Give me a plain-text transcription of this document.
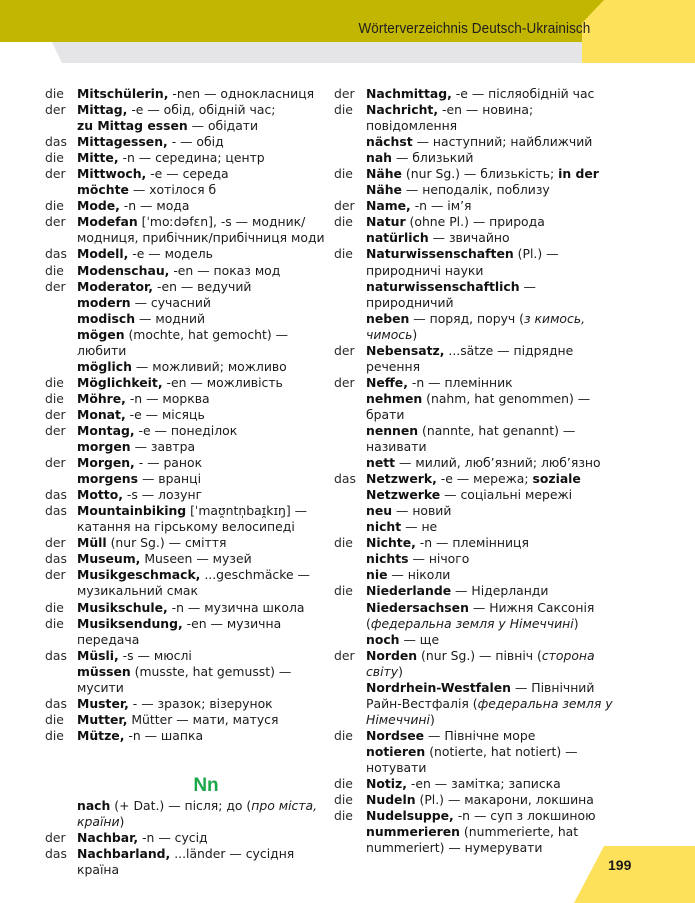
Wörterverzeichnis Deutsch-Ukrainisch
die	Mitschülerin, -nen — однокласниця
der Mittag, -e — обід, обідній час;
zu Mittag essen — обідати
das Mittagessen, - — обід
die	Mitte, -n — середина; центр
der Mittwoch, -e — середа
möchte — хотілося б
die	Mode, -n — мода
der Modefan [ˈmoːdəfɛn], -s — модник/ модниця, прибічник/прибічниця моди
das Modell, -e — модель
die	Modenschau, -en — показ мод
der Moderator, -en — ведучий
modern — сучасний
modisch — модний
mögen (mochte, hat gemocht) — любити
möglich — можливий; можливо
die	Möglichkeit, -en — можливість
die	Möhre, -n — морква
der Monat, -e — місяць
der Montag, -e — понеділок
morgen — завтра
der Morgen, - — ранок
morgens — вранці
das Motto, -s — лозунг
das Mountainbiking [ˈmaʊ̯ntn̩baɪ̯kɪŋ] — катання на гірському велосипеді
der Müll (nur Sg.) — сміття
das Museum, Museen — музей
der Musikgeschmack, ...geschmäcke — музикальний смак
die	Musikschule, -n — музична школа
die	Musiksendung, -en — музична передача
das Müsli, -s — мюслі
müssen (musste, hat gemusst) — мусити
das Muster, - — зразок; візерунок
die	Mutter, Mütter — мати, матуся
die	Mütze, -n — шапка
Nn
nach (+ Dat.) — після; до (про міста, країни)
der Nachbar, -n — сусід
das Nachbarland, ...länder — сусідня країна
der Nachmittag, -e — післяобідній час
die	Nachricht, -en — новина; повідомлення
nächst — наступний; найближчий
nah — близький
die	Nähe (nur Sg.) — близькість; in der Nähe — неподалік, поблизу
der Name, -n — ім’я
die	Natur (ohne Pl.) — природа
natürlich — звичайно
die	Naturwissenschaften (Pl.) — природничі науки
naturwissenschaftlich — природничий
neben — поряд, поруч (з кимось, чимось)
der Nebensatz, ...sätze — підрядне речення
der Neffe, -n — племінник
nehmen (nahm, hat genommen) — брати
nennen (nannte, hat genannt) — називати
nett — милий, люб’язний; люб’язно
das Netzwerk, -e — мережа; soziale Netzwerke — соціальні мережі
neu — новий
nicht — не
die	Nichte, -n — племінниця
nichts — нічого
nie — ніколи
die	Niederlande — Нідерланди
Niedersachsen — Нижня Саксонія (федеральна земля у Німеччині)
noch — ще
der Norden (nur Sg.) — північ (сторона світу)
Nordrhein-Westfalen — Північний Райн-Вестфалія (федеральна земля у Німеччині)
die	Nordsee — Північне море
notieren (notierte, hat notiert) — нотувати
die	Notiz, -en — замітка; записка
die	Nudeln (Pl.) — макарони, локшина
die	Nudelsuppe, -n — суп з локшиною
nummerieren (nummerierte, hat nummeriert) — нумерувати
199
